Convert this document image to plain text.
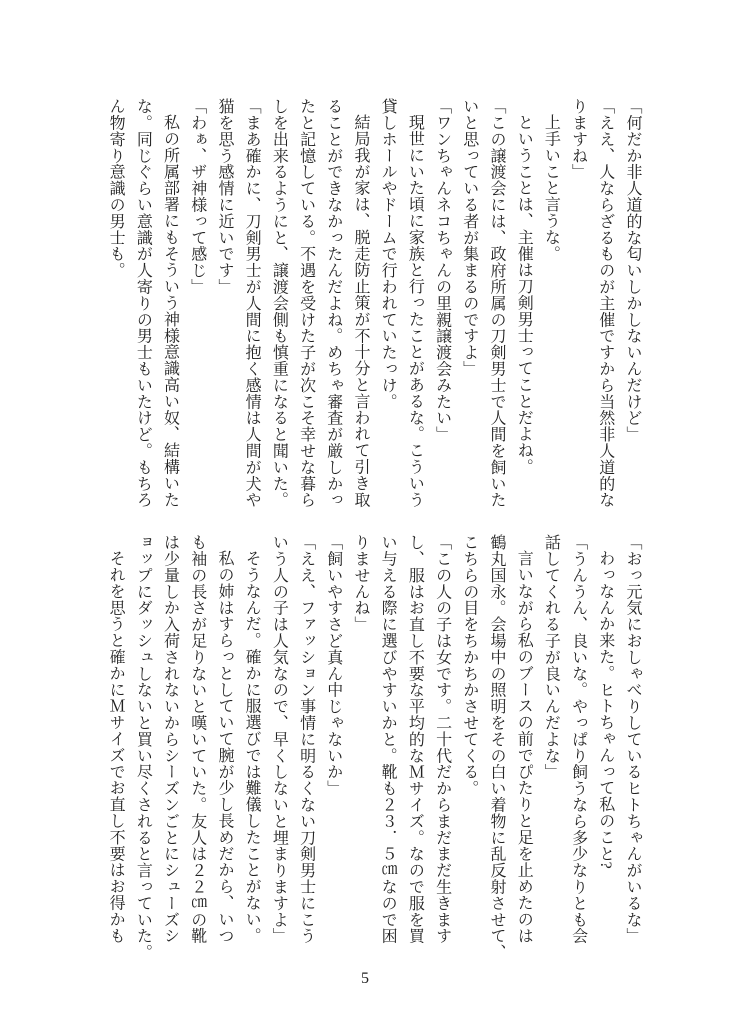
「何だか非人道的な匂いしかしないんだけど」
「ええ、人ならざるものが主催ですから当然非人道的な
りますね」
上手いこと言うな。
ということは、主催は刀剣男士ってことだよね。
「この譲渡会には、政府所属の刀剣男士で人間を飼いた
いと思っている者が集まるのですよ」
「ワンちゃんネコちゃんの里親譲渡会みたい」
現世にいた頃に家族と行ったことがあるな。こういう
貸しホールやドームで行われていたっけ。
結局我が家は、脱走防止策が不十分と言われて引き取
ることができなかったんだよね。めちゃ審査が厳しかっ
たと記憶している。不遇を受けた子が次こそ幸せな暮ら
しを出来るようにと、譲渡会側も慎重になると聞いた。
「まあ確かに、刀剣男士が人間に抱く感情は人間が犬や
猫を思う感情に近いです」
「わぁ、ザ神様って感じ」
私の所属部署にもそういう神様意識高い奴、結構いた
な。同じぐらい意識が人寄りの男士もいたけど。もちろ
ん物寄り意識の男士も。
「おっ元気におしゃべりしているヒトちゃんがいるな」
わっなんか来た。ヒトちゃんって私のこと?
「うんうん、良いな。やっぱり飼うなら多少なりとも会
話してくれる子が良いんだよな」
言いながら私のブースの前でぴたりと足を止めたのは
鶴丸国永。会場中の照明をその白い着物に乱反射させて、
こちらの目をちかちかさせてくる。
「この人の子は女です。二十代だからまだまだ生きます
し、服はお直し不要な平均的なＭサイズ。なので服を買
い与える際に選びやすいかと。靴も２３．５㎝なので困
りませんね」
「飼いやすさど真ん中じゃないか」
「ええ、ファッション事情に明るくない刀剣男士にこう
いう人の子は人気なので、早くしないと埋まりますよ」
そうなんだ。確かに服選びでは難儀したことがない。
私の姉はすらっとしていて腕が少し長めだから、いつ
も袖の長さが足りないと嘆いていた。友人は２２㎝の靴
は少量しか入荷されないからシーズンごとにシューズシ
ョップにダッシュしないと買い尽くされると言っていた。
それを思うと確かにＭサイズでお直し不要はお得かも
5
